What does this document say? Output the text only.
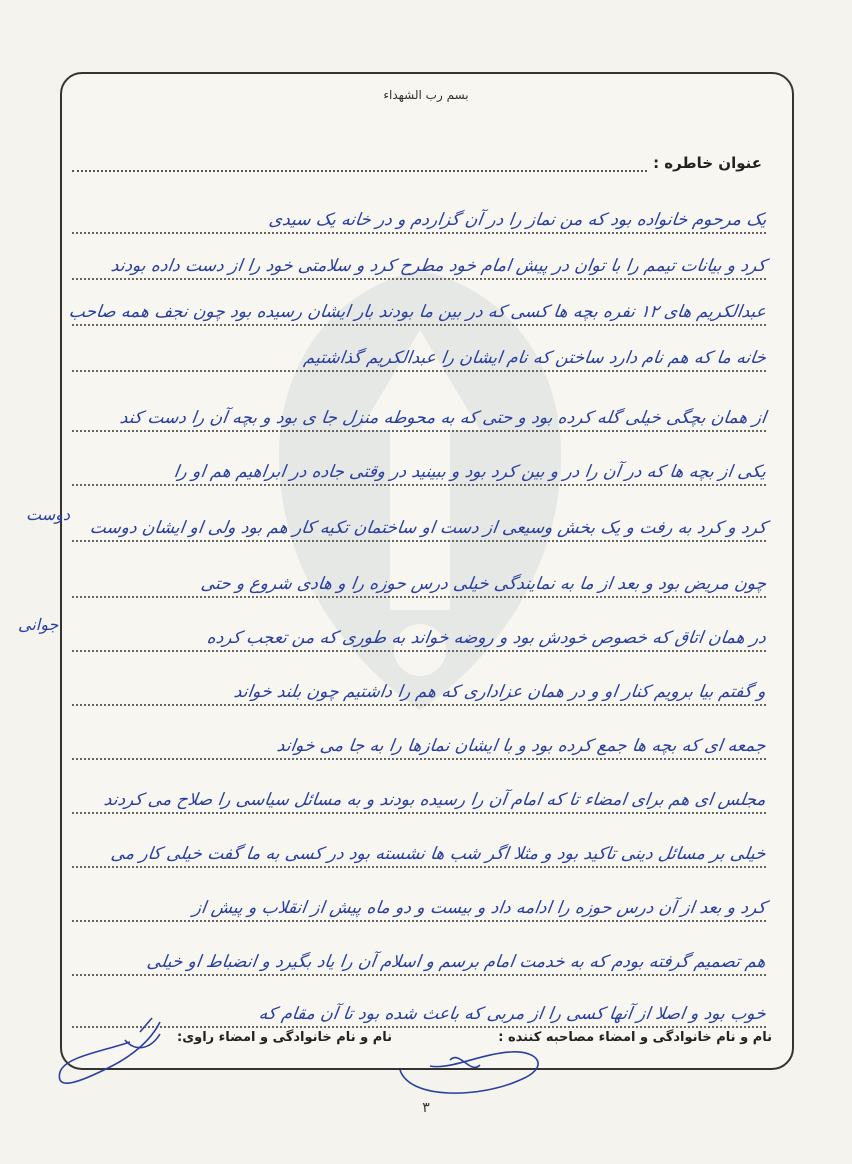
بسم رب الشهداء
عنوان خاطره :
یک مرحوم خانواده بود که من نماز را در آن گزاردم و در خانه یک سیدی
کرد و بیانات تیمم را با توان در پیش امام خود مطرح کرد و سلامتی خود را از دست داده بودند
عبدالکریم های ۱۲ نفره بچه ها کسی که در بین ما بودند بار ایشان رسیده بود چون نجف همه صاحب
خانه ما که هم نام دارد ساختن که نام ایشان را عبدالکریم گذاشتیم
از همان بچگی خیلی گله کرده بود و حتی که به محوطه منزل جا ی بود و بچه آن را دست کند
یکی از بچه ها که در آن را در و بین کرد بود و ببینید در وقتی جاده در ابراهیم هم او را
کرد و کرد به رفت و یک بخش وسیعی از دست او ساختمان تکیه کار هم بود ولی او ایشان دوست
چون مریض بود و بعد از ما به نمایندگی خیلی درس حوزه را و هادی شروع و حتی
در همان اتاق که خصوص خودش بود و روضه خواند به طوری که من تعجب کرده
و گفتم بیا برویم کنار او و در همان عزاداری که هم را داشتیم چون بلند خواند
جمعه ای که بچه ها جمع کرده بود و با ایشان نمازها را به جا می خواند
مجلس ای هم برای امضاء تا که امام آن را رسیده بودند و به مسائل سیاسی را صلاح می کردند
خیلی بر مسائل دینی تاکید بود و مثلا اگر شب ها نشسته بود در کسی به ما گفت خیلی کار می
کرد و بعد از آن درس حوزه را ادامه داد و بیست و دو ماه پیش از انقلاب و پیش از
هم تصمیم گرفته بودم که به خدمت امام برسم و اسلام آن را یاد بگیرد و انضباط او خیلی
خوب بود و اصلا از آنها کسی را از مربی که باعث شده بود تا آن مقام که
دوست
جوانی
نام و نام خانوادگی و امضاء مصاحبه کننده :
نام و نام خانوادگی و امضاء راوی:
۳
